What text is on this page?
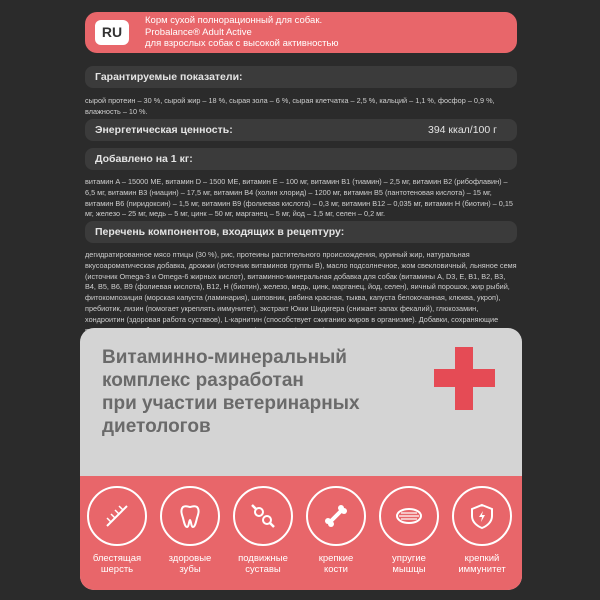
RU
Корм сухой полнорационный для собак.
Probalance® Adult Active
для взрослых собак с высокой активностью
Гарантируемые показатели:
сырой протеин – 30 %, сырой жир – 18 %, сырая зола – 6 %, сырая клетчатка – 2,5 %, кальций – 1,1 %, фосфор – 0,9 %, влажность – 10 %.
Энергетическая ценность:	394 ккал/100 г
Добавлено на 1 кг:
витамин A – 15000 МЕ, витамин D – 1500 МЕ, витамин E – 100 мг, витамин B1 (тиамин) – 2,5 мг, витамин B2 (рибофлавин) – 6,5 мг, витамин B3 (ниацин) – 17,5 мг, витамин B4 (холин хлорид) – 1200 мг, витамин B5 (пантотеновая кислота) – 15 мг, витамин B6 (пиридоксин) – 1,5 мг, витамин B9 (фолиевая кислота) – 0,3 мг, витамин B12 – 0,035 мг, витамин H (биотин) – 0,15 мг, железо – 25 мг, медь – 5 мг, цинк – 50 мг, марганец – 5 мг, йод – 1,5 мг, селен – 0,2 мг.
Перечень компонентов, входящих в рецептуру:
дегидратированное мясо птицы (30 %), рис, протеины растительного происхождения, куриный жир, натуральная вкусоароматическая добавка, дрожжи (источник витаминов группы B), масло подсолнечное, жом свекловичный, льняное семя (источник Omega-3 и Omega-6 жирных кислот), витаминно-минеральная добавка для собак (витамины A, D3, E, B1, B2, B3, B4, B5, B6, B9 (фолиевая кислота), B12, H (биотин), железо, медь, цинк, марганец, йод, селен), яичный порошок, жир рыбий, фитокомпозиция (морская капуста (ламинария), шиповник, рябина красная, тыква, капуста белокочанная, клюква, укроп), пребиотик, лизин (помогает укреплять иммунитет), экстракт Юкки Шидигера (снижает запах фекалий), глюкозамин, хондроитин (здоровая работа суставов), L-карнитин (способствует сжиганию жиров в организме). Добавки, сохраняющие
Витаминно-минеральный
комплекс разработан
при участии ветеринарных
диетологов
блестящая
шерсть
здоровые
зубы
подвижные
суставы
крепкие
кости
упругие
мышцы
крепкий
иммунитет
